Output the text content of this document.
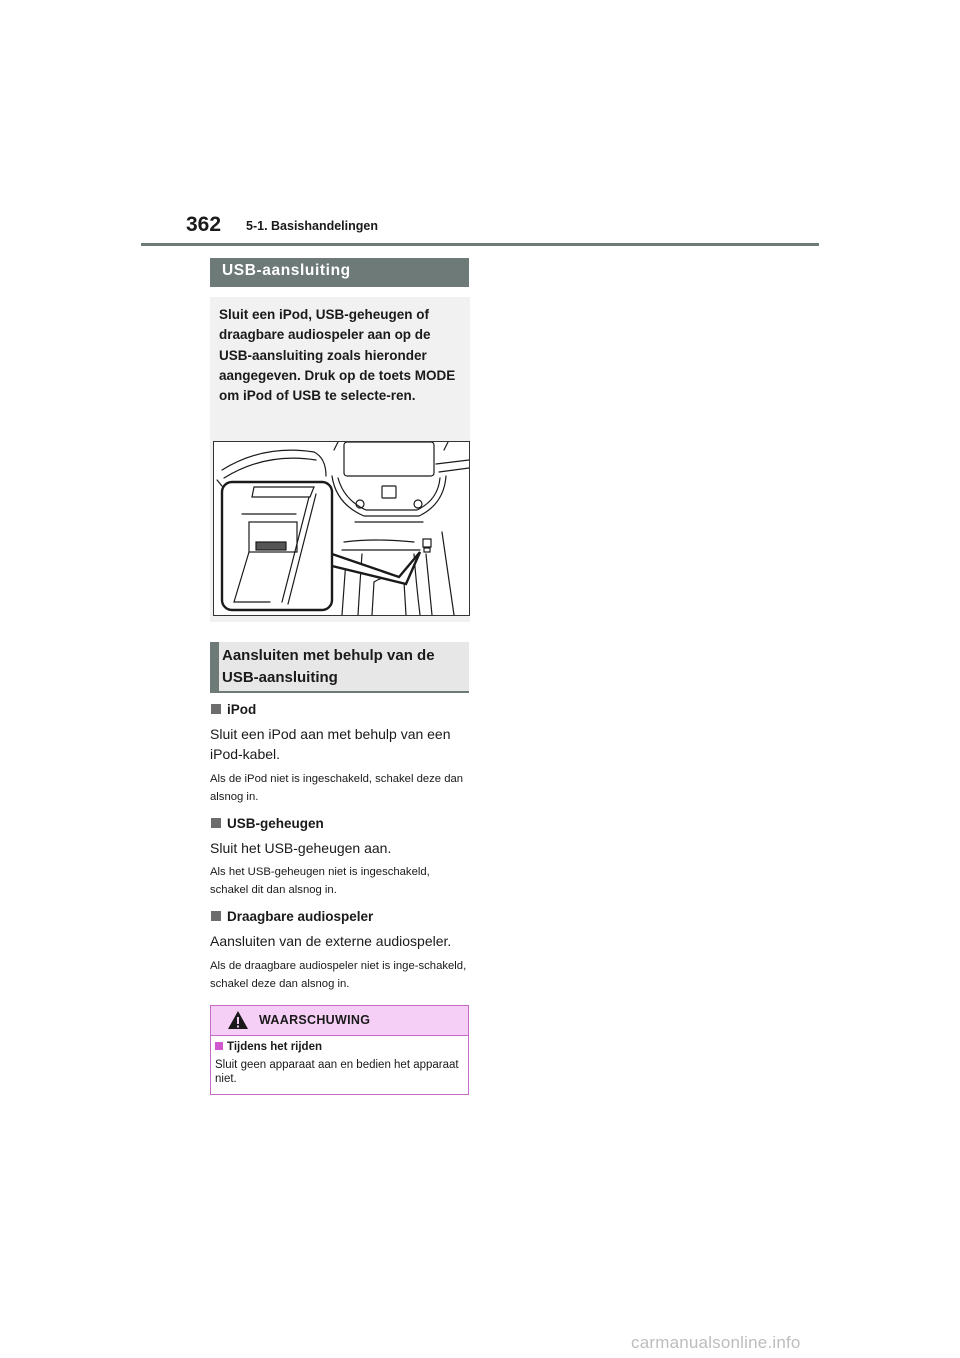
362 5-1. Basishandelingen
USB-aansluiting
Sluit een iPod, USB-geheugen of draagbare audiospeler aan op de USB-aansluiting zoals hieronder aangegeven. Druk op de toets MODE om iPod of USB te selecte-ren.
Aansluiten met behulp van de USB-aansluiting
iPod
Sluit een iPod aan met behulp van een iPod-kabel.
Als de iPod niet is ingeschakeld, schakel deze dan alsnog in.
USB-geheugen
Sluit het USB-geheugen aan.
Als het USB-geheugen niet is ingeschakeld, schakel dit dan alsnog in.
Draagbare audiospeler
Aansluiten van de externe audiospeler.
Als de draagbare audiospeler niet is inge-schakeld, schakel deze dan alsnog in.
WAARSCHUWING
Tijdens het rijden
Sluit geen apparaat aan en bedien het apparaat niet.
carmanualsonline.info
